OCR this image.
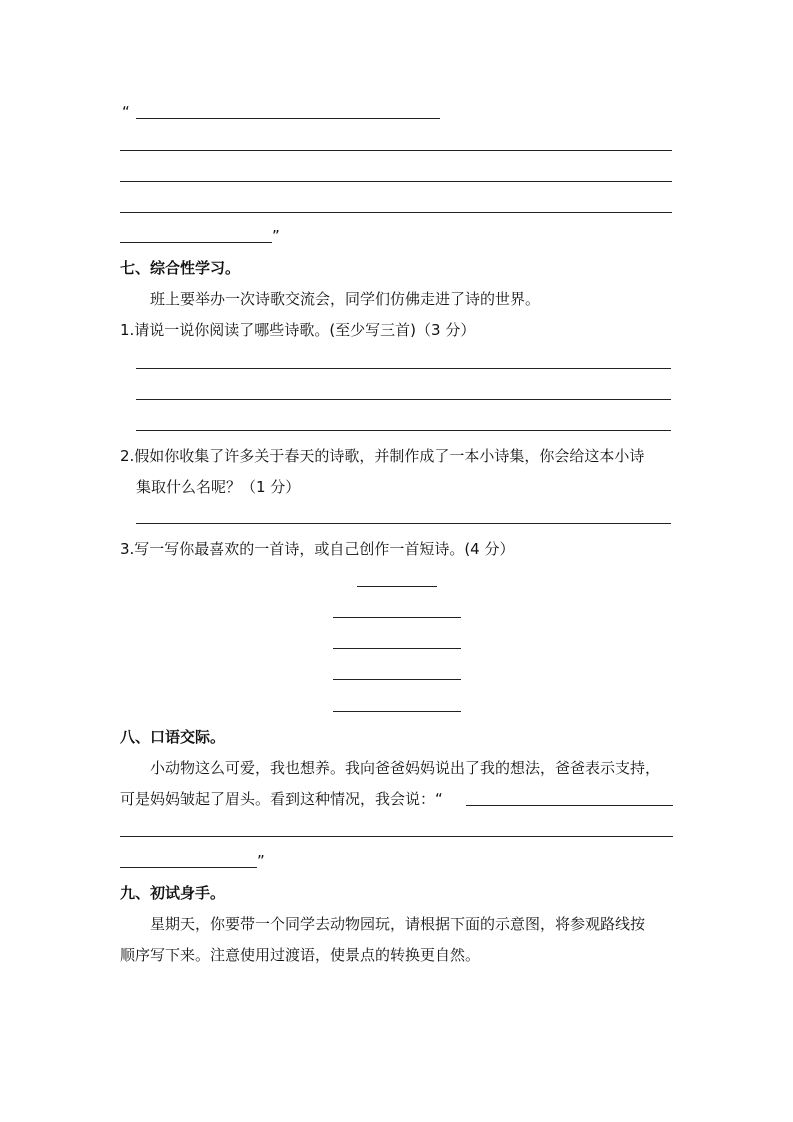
“
”
七、综合性学习。
班上要举办一次诗歌交流会，同学们仿佛走进了诗的世界。
1.请说一说你阅读了哪些诗歌。(至少写三首)（3 分）
2.假如你收集了许多关于春天的诗歌，并制作成了一本小诗集，你会给这本小诗
集取什么名呢？（1 分）
3.写一写你最喜欢的一首诗，或自己创作一首短诗。(4 分）
八、口语交际。
小动物这么可爱，我也想养。我向爸爸妈妈说出了我的想法，爸爸表示支持，
可是妈妈皱起了眉头。看到这种情况，我会说：“
”
九、初试身手。
星期天，你要带一个同学去动物园玩，请根据下面的示意图，将参观路线按
顺序写下来。注意使用过渡语，使景点的转换更自然。
